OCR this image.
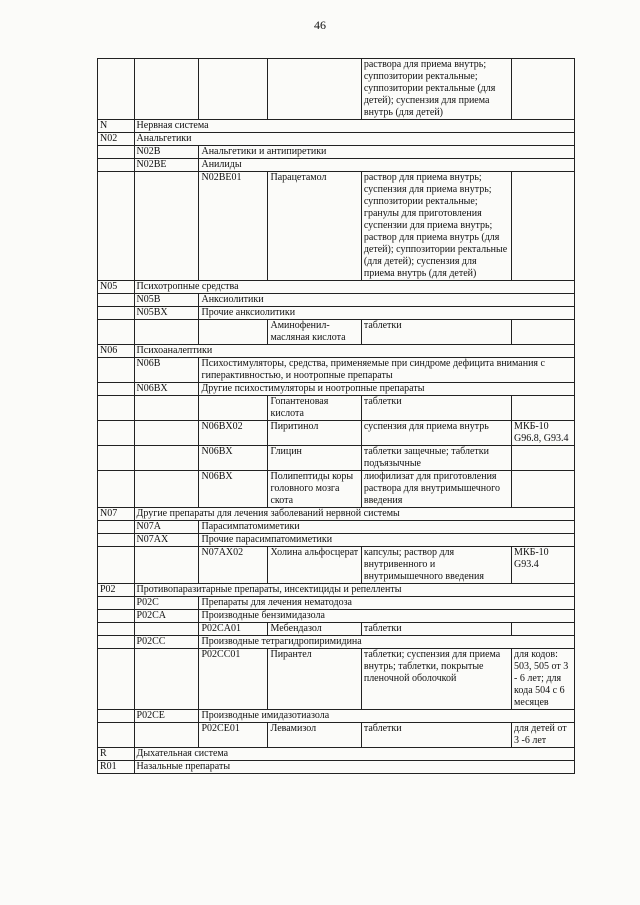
46
				раствора для приема внутрь; суппозитории ректальные; суппозитории ректальные (для детей); суспензия для приема внутрь (для детей)	
N	Нервная система				
N02	Анальгетики				
	N02B	Анальгетики и антипиретики			
	N02BE	Анилиды			
		N02BE01	Парацетамол	раствор для приема внутрь; суспензия для приема внутрь; суппозитории ректальные; гранулы для приготовления суспензии для приема внутрь; раствор для приема внутрь (для детей); суппозитории ректальные (для детей); суспензия для приема внутрь (для детей)	
N05	Психотропные средства				
	N05B	Анксиолитики			
	N05BX	Прочие анксиолитики			
			Аминофенил-масляная кислота	таблетки	
N06	Психоаналептики				
	N06B	Психостимуляторы, средства, применяемые при синдроме дефицита внимания с гиперактивностью, и ноотропные препараты			
	N06BX	Другие психостимуляторы и ноотропные препараты			
			Гопантеновая кислота	таблетки	
		N06BX02	Пиритинол	суспензия для приема внутрь	МКБ-10 G96.8, G93.4
		N06BX	Глицин	таблетки защечные; таблетки подъязычные	
		N06BX	Полипептиды коры головного мозга скота	лиофилизат для приготовления раствора для внутримышечного введения	
N07	Другие препараты для лечения заболеваний нервной системы				
	N07A	Парасимпатомиметики			
	N07AX	Прочие парасимпатомиметики			
		N07AX02	Холина альфосцерат	капсулы; раствор для внутривенного и внутримышечного введения	МКБ-10 G93.4
P02	Противопаразитарные препараты, инсектициды и репелленты				
	P02C	Препараты для лечения нематодоза			
	P02CA	Производные бензимидазола			
		P02CA01	Мебендазол	таблетки	
	P02CC	Производные тетрагидропиримидина			
		P02CC01	Пирантел	таблетки; суспензия для приема внутрь; таблетки, покрытые пленочной оболочкой	для кодов: 503, 505 от 3 - 6 лет; для кода 504 с 6 месяцев
	P02CE	Производные имидазотиазола			
		P02CE01	Левамизол	таблетки	для детей от 3 -6 лет
R	Дыхательная система				
R01	Назальные препараты				
